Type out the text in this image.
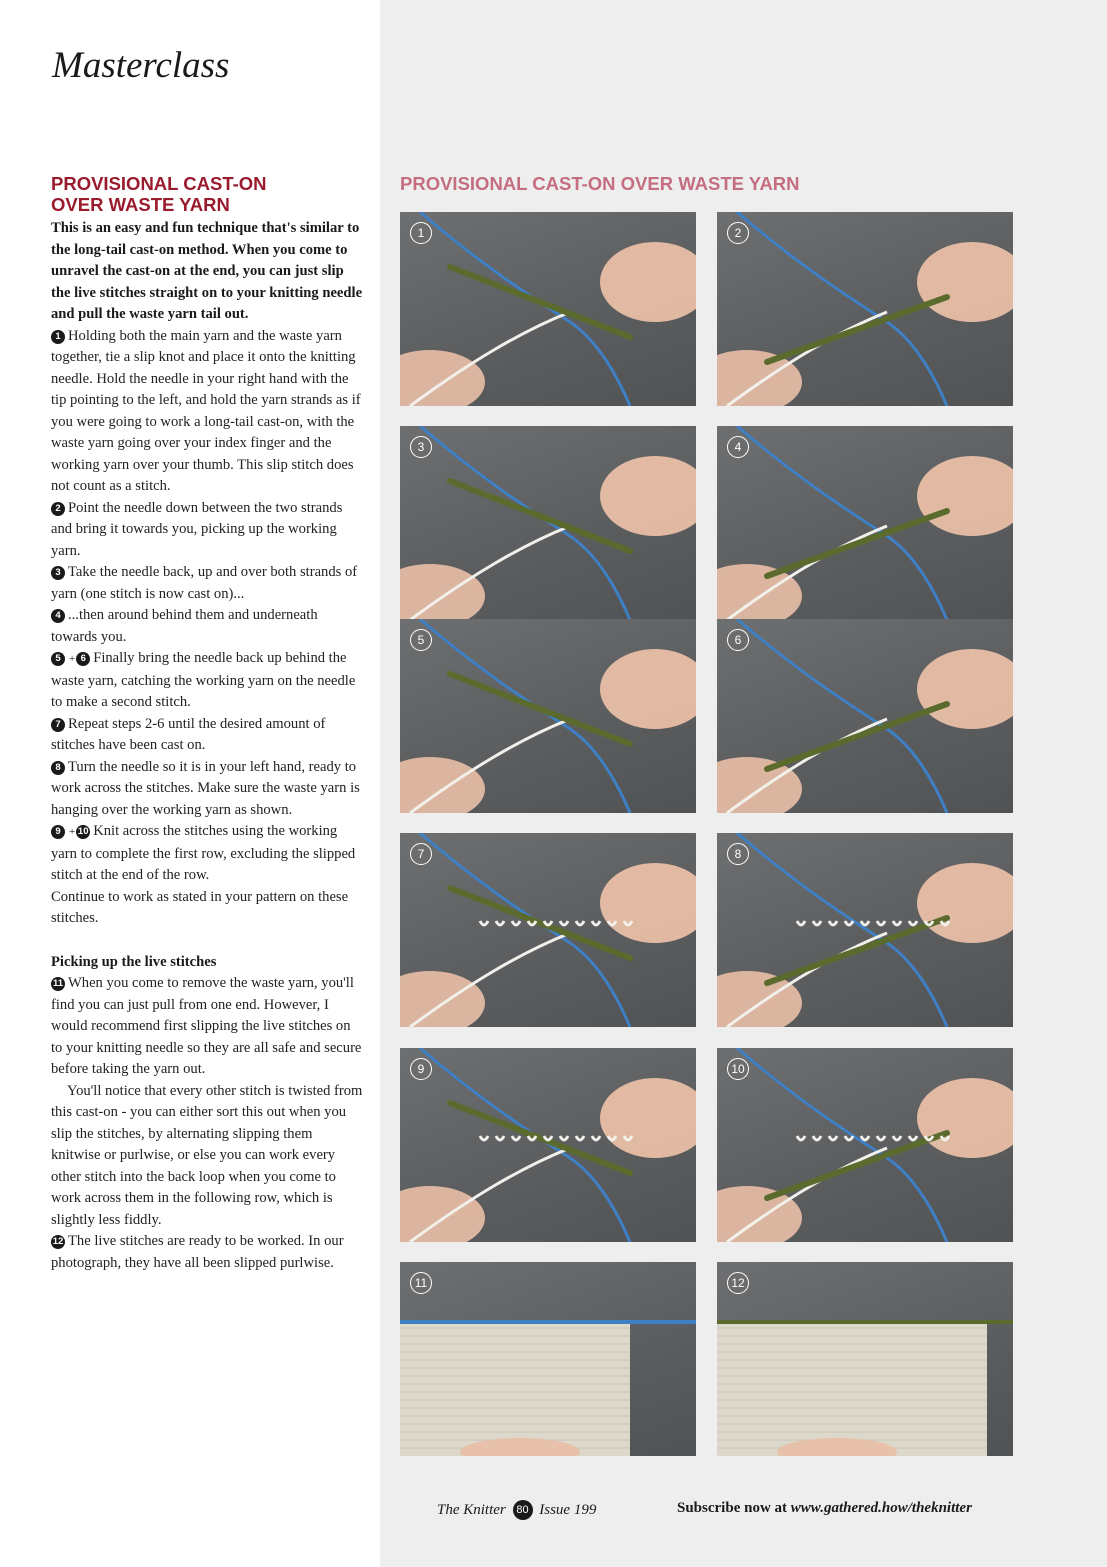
Masterclass
PROVISIONAL CAST-ON
OVER WASTE YARN

This is an easy and fun technique that's similar to the long-tail cast-on method. When you come to unravel the cast-on at the end, you can just slip the live stitches straight on to your knitting needle and pull the waste yarn tail out.

1 Holding both the main yarn and the waste yarn together, tie a slip knot and place it onto the knitting needle. Hold the needle in your right hand with the tip pointing to the left, and hold the yarn strands as if you were going to work a long-tail cast-on, with the waste yarn going over your index finger and the working yarn over your thumb. This slip stitch does not count as a stitch.

2 Point the needle down between the two strands and bring it towards you, picking up the working yarn.

3 Take the needle back, up and over both strands of yarn (one stitch is now cast on)...

4 ...then around behind them and underneath towards you.

5 + 6 Finally bring the needle back up behind the waste yarn, catching the working yarn on the needle to make a second stitch.

7 Repeat steps 2-6 until the desired amount of stitches have been cast on.

8 Turn the needle so it is in your left hand, ready to work across the stitches. Make sure the waste yarn is hanging over the working yarn as shown.

9 + 10 Knit across the stitches using the working yarn to complete the first row, excluding the slipped stitch at the end of the row.

Continue to work as stated in your pattern on these stitches.

Picking up the live stitches

11 When you come to remove the waste yarn, you'll find you can just pull from one end. However, I would recommend first slipping the live stitches on to your knitting needle so they are all safe and secure before taking the yarn out.

You'll notice that every other stitch is twisted from this cast-on - you can either sort this out when you slip the stitches, by alternating slipping them knitwise or purlwise, or else you can work every other stitch into the back loop when you come to work across them in the following row, which is slightly less fiddly.

12 The live stitches are ready to be worked. In our photograph, they have all been slipped purlwise.

PROVISIONAL CAST-ON OVER WASTE YARN
1	2
3	4
5	6
7	8
9	10
11	12
The Knitter 80 Issue 199	Subscribe now at www.gathered.how/theknitter
